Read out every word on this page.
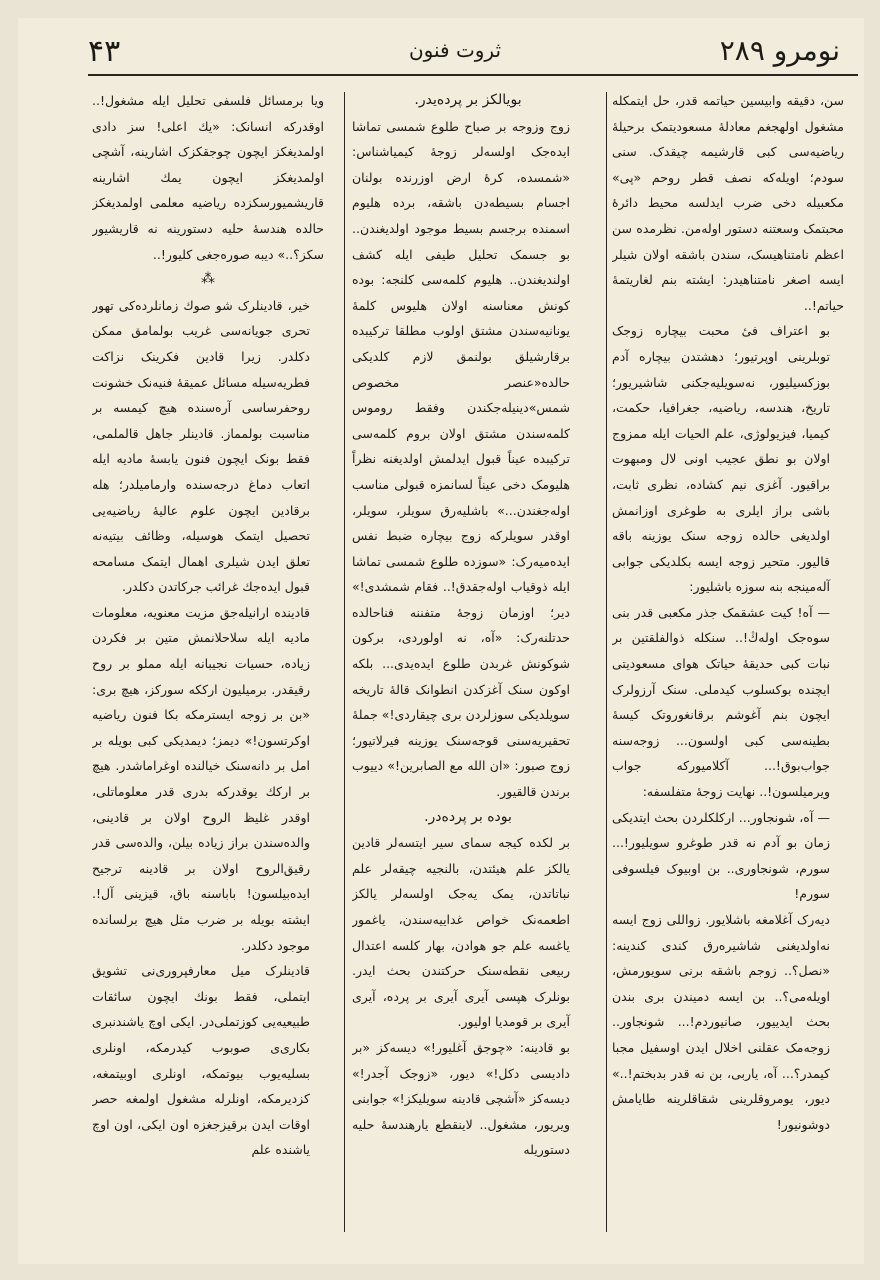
نومرو ۲۸۹
ثروت فنون
۴۳

سن، دقیقه وابیسین حیاتمه قدر، حل ایتمکله مشغول اولهجغم معادلهٔ مسعودیتمک برحیلهٔ ریاضیه‌سی کبی قارشیمه چیقدک. سنی سودم؛ اویله‌که نصف قطر روحم «پی» مکعبیله دخی ضرب ایدلسه محیط دائرهٔ محبتمک وسعتنه دستور اوله‌من. نظرمده سن اعظم نامتناهیسک، سندن باشقه اولان شیلر ایسه اصغر نامتناهیدر: ایشته بنم لغاریتمهٔ حیاتم!..

بو اعتراف فیٔ محبت بیچاره زوجک توبلرینی اوپرتیور؛ دهشتدن بیچاره آدم بوزکسیلیور، نه‌سویلیه‌جکنی شاشیریور؛ تاریخ، هندسه، ریاضیه، جغرافیا، حکمت، کیمیا، فیزیولوژی، علم الحیات ایله ممزوج اولان بو نطق عجیب اونی لال ومبهوت براقیور. آغزی نیم کشاده، نظری ثابت، باشی براز ایلری به طوغری اوزانمش اولدیغی حالده زوجه سنک یوزینه باقه قالیور. متحیر زوجه ایسه بکلدیکی جوابی آله‌مینجه بنه سوزه باشلیور:

— آه! کیت عشقمک جذر مکعبی قدر بنی سوه‌جک اوله‌ڭ!.. سنکله ذوالفلقتین بر نبات کبی حدیقهٔ حیاتک هوای مسعودیتی ایچنده بوکسلوب کیدملی. سنک آرزولرک ایچون بنم آغوشم برقانغوروتک کیسهٔ بطینه‌سی کبی اولسون... زوجه‌سنه جواب‌بوق!... آکلامیورکه جواب ویرمیلسون!.. نهایت زوجهٔ متفلسفه:

— آه، شونجاور... ارکلکلردن بحث ایتدیکی زمان بو آدم نه قدر طوغرو سویلیور!... سورم، شونجاوری.. بن اوبیوک فیلسوفی سورم!

دیه‌رک آغلامغه باشلایور. زواللی زوج ایسه نه‌اولدیغنی شاشیره‌رق کندی کندینه: «نصل؟.. زوجم باشقه برنی سویورمش، اویله‌می؟.. بن ایسه دمیندن بری بندن بحث ایدییور، صانیوردم!... شونجاور.. زوجه‌مک عقلنی اخلال ایدن اوسفیل مجبا کیمدر؟... آه، یاربی، بن نه قدر بدبختم!..» دیور، یومروقلرینی شقاقلرینه طایامش دوشونیور!

بویالکز بر پرده‌یدر.

زوج وزوجه بر صباح طلوع شمسی تماشا ایده‌جک اولسه‌لر زوجهٔ کیمیاشناس: «شمسده، کرهٔ ارض اوزرنده بولنان اجسام بسیطه‌دن باشقه، برده هلیوم اسمنده برجسم بسیط موجود اولدیغندن.. بو جسمک تحلیل طیفی ایله کشف اولندیغندن.. هلیوم کلمه‌سی کلنجه: بوده کونش معناسنه اولان هلیوس کلمهٔ یونانیه‌سندن مشتق اولوب مطلقا ترکیبده برقارشیلق بولنمق لازم کلدیکی حالده‌«عنصر مخصوص شمس»دینیله‌جکندن وفقط روموس کلمه‌سندن مشتق اولان بروم کلمه‌سی ترکیبده عیناً قبول ایدلمش اولدیغنه نظراً هلیومک دخی عیناً لسانمزه قبولی مناسب اوله‌جغندن...» باشلیه‌رق سویلر، سویلر، اوقدر سویلرکه زوج بیچاره ضبط نفس ایده‌میه‌رک: «سوزده طلوع شمسی تماشا ایله ذوقیاب اوله‌جقدق!.. فقام شمشدی!» دیر؛ اوزمان زوجهٔ متفننه فناحالده حدتلنه‌رک: «آه، نه اولوردی، برکون شوکونش غربدن طلوع ایده‌یدی... بلکه اوکون سنک آغزکدن انطوانک قالهٔ تاریخه سویلدیکی سوزلردن بری چیقاردی!» جملهٔ تحقیریه‌سنی قوجه‌سنک یوزینه فیرلاتیور؛ زوج صبور: «ان الله مع الصابرین!» دییوب برندن قالقیور.

بوده بر پرده‌در.

بر لکده کیجه سمای سیر ایتسه‌لر قادین یالکز علم هیئتدن، بالنجیه چیقه‌لر علم نباتاتدن، یمک یه‌جک اولسه‌لر یالکز اطعمه‌نک خواص غداییه‌سندن، یاغمور یاغسه علم جو هوادن، بهار کلسه اعتدال ربیعی نقطه‌سنک حرکتندن بحث ایدر. بونلرک هپسی آیری آیری بر پرده، آیری آیری بر قومدیا اولیور.

بو قادینه: «چوجق آغلیور!» دیسه‌کز «بر دادیسی دکل!» دیور، «زوجک آجدر!» دیسه‌کز «آشچی قادینه سویلیکز!» جوابنی ویریور، مشغول.. لاینقطع یارهندسهٔ حلیه دستوریله

ویا برمسائل فلسفی تحلیل ایله مشغول!.. اوقدرکه انسانک: «یك اعلی! سز دادی اولمدیغکز ایچون چوجقکزک اشارینه، آشچی اولمدیغکز ایچون یمك اشارینه قاریشمیورسکزده ریاضیه معلمی اولمدیغکز حالده هندسهٔ حلیه دستورینه نه قاریشیور سکز؟..» دیبه صوره‌جغی کلیور!..

⁂

خیر، قادینلرک شو صوك زمانلرده‌کی تهور تحری جویانه‌سی غریب بولمامق ممکن دکلدر. زیرا قادین فکرینک نزاکت فطریه‌سیله مسائل عمیقهٔ فنیه‌نک خشونت روحفرساسی آره‌سنده هیچ کیمسه بر مناسبت بولمماز. قادینلر جاهل قالملمی، فقط بونک ایچون فنون یابسهٔ مادیه ایله اتعاب دماغ درجه‌سنده وارمامیلدر؛ هله برقادین ایچون علوم عالیهٔ ریاضیه‌یی تحصیل ایتمک هوسیله، وظائف بیتیه‌نه تعلق ایدن شیلری اهمال ایتمک مسامحه قبول ایده‌جك غرائب جرکاتدن دکلدر.

قادینده ارانیله‌جق مزیت معنویه، معلومات مادیه ایله سلاحلانمش متین بر فکردن زیاده، حسیات نجیبانه ایله مملو بر روح رقیقدر. برمیلیون ارککه سورکز، هیچ بری: «بن بر زوجه ایسترمکه بکا فنون ریاضیه اوکرتسون!» دیمز؛ دیمدیکی کبی بویله بر امل بر دانه‌سنک خیالنده اوغراماشدر. هیچ بر ارکك یوقدرکه بدری قدر معلوماتلی، اوقدر غلیظ الروح اولان بر قادینی، والده‌سندن براز زیاده بیلن، والده‌سی قدر رقیق‌الروح اولان بر قادینه ترجیح ایده‌بیلسون! بابا‌سنه باق، قیزینی آل!. ایشته بویله بر ضرب مثل هیچ برلسانده موجود دکلدر.

قادینلرک میل معارفپروری‌نی تشویق ایتملی، فقط بونك ایچون سائقات طبیعیه‌یی کوزتملی‌در. ایکی اوچ یاشندنبری بکاری‌ی صو‌بوب کیدرمکه، اونلری بسلیه‌یوب بیوتمکه، اونلری اوبیتمغه، کزدیرمکه، اونلرله مشغول اولمغه حصر اوقات ایدن برقیزجغزه اون ایکی، اون اوچ یاشنده علم
